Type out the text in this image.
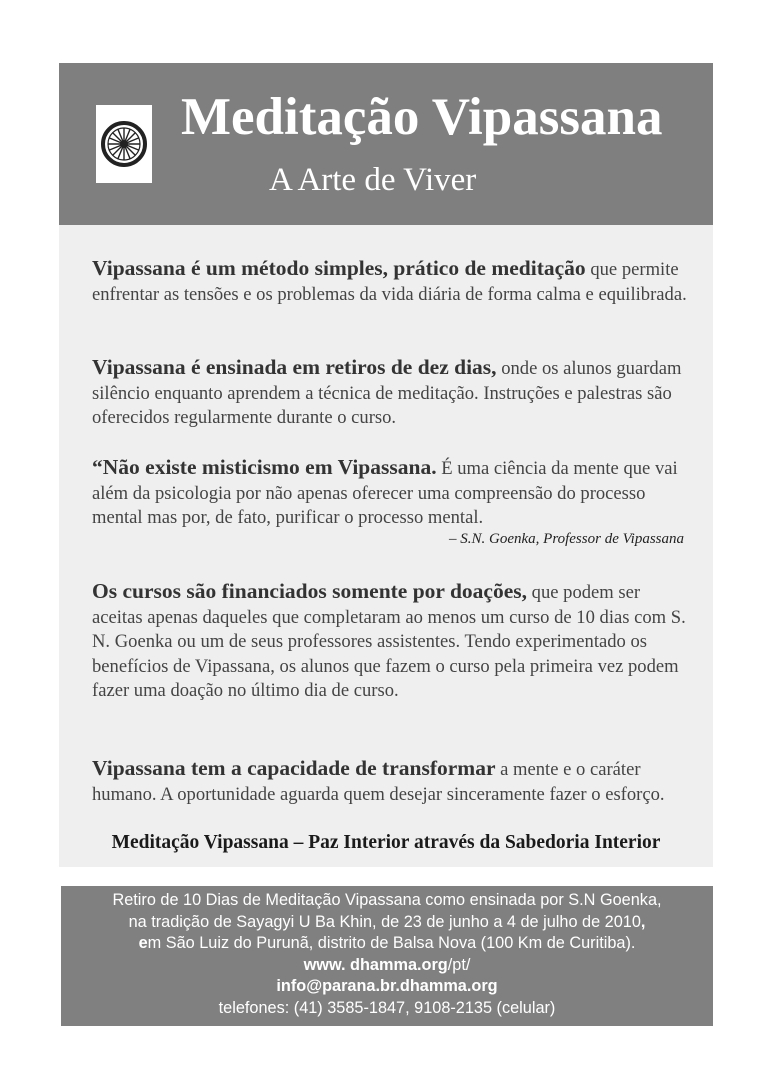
Meditação Vipassana
A Arte de Viver
Vipassana é um método simples, prático de meditação que permite enfrentar as tensões e os problemas da vida diária de forma calma e equilibrada.
Vipassana é ensinada em retiros de dez dias, onde os alunos guardam silêncio enquanto aprendem a técnica de meditação. Instruções e palestras são oferecidos regularmente durante o curso.
“Não existe misticismo em Vipassana. É uma ciência da mente que vai além da psicologia por não apenas oferecer uma compreensão do processo mental mas por, de fato, purificar o processo mental.
– S.N. Goenka, Professor de Vipassana
Os cursos são financiados somente por doações, que podem ser aceitas apenas daqueles que completaram ao menos um curso de 10 dias com S. N. Goenka ou um de seus professores assistentes. Tendo experimentado os benefícios de Vipassana, os alunos que fazem o curso pela primeira vez podem fazer uma doação no último dia de curso.
Vipassana tem a capacidade de transformar a mente e o caráter humano. A oportunidade aguarda quem desejar sinceramente fazer o esforço.
Meditação Vipassana – Paz Interior através da Sabedoria Interior
Retiro de 10 Dias de Meditação Vipassana como ensinada por S.N Goenka,
na tradição de Sayagyi U Ba Khin, de 23 de junho a 4 de julho de 2010,
em São Luiz do Purunã, distrito de Balsa Nova (100 Km de Curitiba).
www. dhamma.org/pt/
info@parana.br.dhamma.org
telefones: (41) 3585-1847, 9108-2135 (celular)
